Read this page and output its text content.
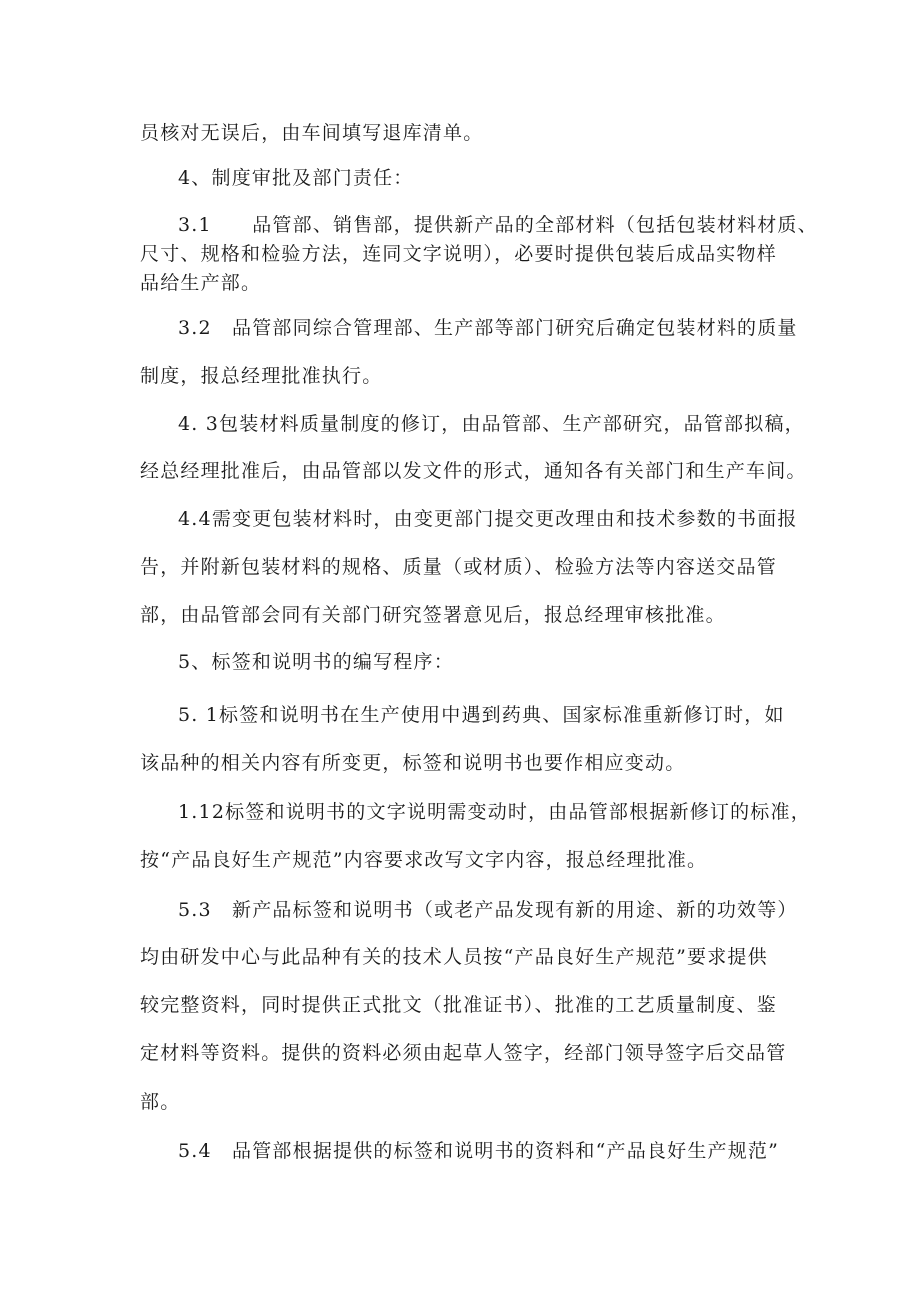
员核对无误后，由车间填写退库清单。

4、制度审批及部门责任：

3.1　　品管部、销售部，提供新产品的全部材料（包括包装材料材质、

尺寸、规格和检验方法，连同文字说明），必要时提供包装后成品实物样

品给生产部。

3.2　品管部同综合管理部、生产部等部门研究后确定包装材料的质量

制度，报总经理批准执行。

4. 3包装材料质量制度的修订，由品管部、生产部研究，品管部拟稿，

经总经理批准后，由品管部以发文件的形式，通知各有关部门和生产车间。

4.4需变更包装材料时，由变更部门提交更改理由和技术参数的书面报

告，并附新包装材料的规格、质量（或材质）、检验方法等内容送交品管

部，由品管部会同有关部门研究签署意见后，报总经理审核批准。

5、标签和说明书的编写程序：

5. 1标签和说明书在生产使用中遇到药典、国家标准重新修订时，如

该品种的相关内容有所变更，标签和说明书也要作相应变动。

1.12标签和说明书的文字说明需变动时，由品管部根据新修订的标准，

按“产品良好生产规范”内容要求改写文字内容，报总经理批准。

5.3　新产品标签和说明书（或老产品发现有新的用途、新的功效等）

均由研发中心与此品种有关的技术人员按“产品良好生产规范”要求提供

较完整资料，同时提供正式批文（批准证书）、批准的工艺质量制度、鉴

定材料等资料。提供的资料必须由起草人签字，经部门领导签字后交品管

部。

5.4　品管部根据提供的标签和说明书的资料和“产品良好生产规范”
